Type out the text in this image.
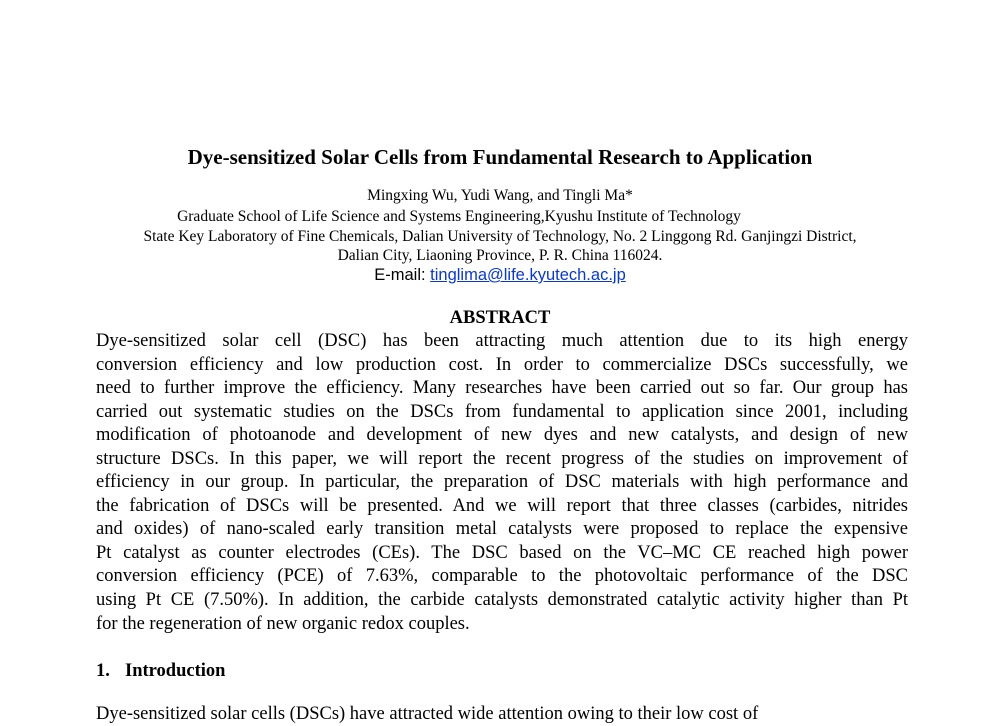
Dye-sensitized Solar Cells from Fundamental Research to Application
Mingxing Wu, Yudi Wang, and Tingli Ma*
Graduate School of Life Science and Systems Engineering,Kyushu Institute of Technology
State Key Laboratory of Fine Chemicals, Dalian University of Technology, No. 2 Linggong Rd. Ganjingzi District,
Dalian City, Liaoning Province, P. R. China 116024.
E-mail: tinglima@life.kyutech.ac.jp
ABSTRACT
Dye-sensitized solar cell (DSC) has been attracting much attention due to its high energy
conversion efficiency and low production cost. In order to commercialize DSCs successfully, we
need to further improve the efficiency. Many researches have been carried out so far. Our group has
carried out systematic studies on the DSCs from fundamental to application since 2001, including
modification of photoanode and development of new dyes and new catalysts, and design of new
structure DSCs. In this paper, we will report the recent progress of the studies on improvement of
efficiency in our group. In particular, the preparation of DSC materials with high performance and
the fabrication of DSCs will be presented. And we will report that three classes (carbides, nitrides
and oxides) of nano-scaled early transition metal catalysts were proposed to replace the expensive
Pt catalyst as counter electrodes (CEs). The DSC based on the VC–MC CE reached high power
conversion efficiency (PCE) of 7.63%, comparable to the photovoltaic performance of the DSC
using Pt CE (7.50%). In addition, the carbide catalysts demonstrated catalytic activity higher than Pt
for the regeneration of new organic redox couples.
1. Introduction
Dye-sensitized solar cells (DSCs) have attracted wide attention owing to their low cost of
